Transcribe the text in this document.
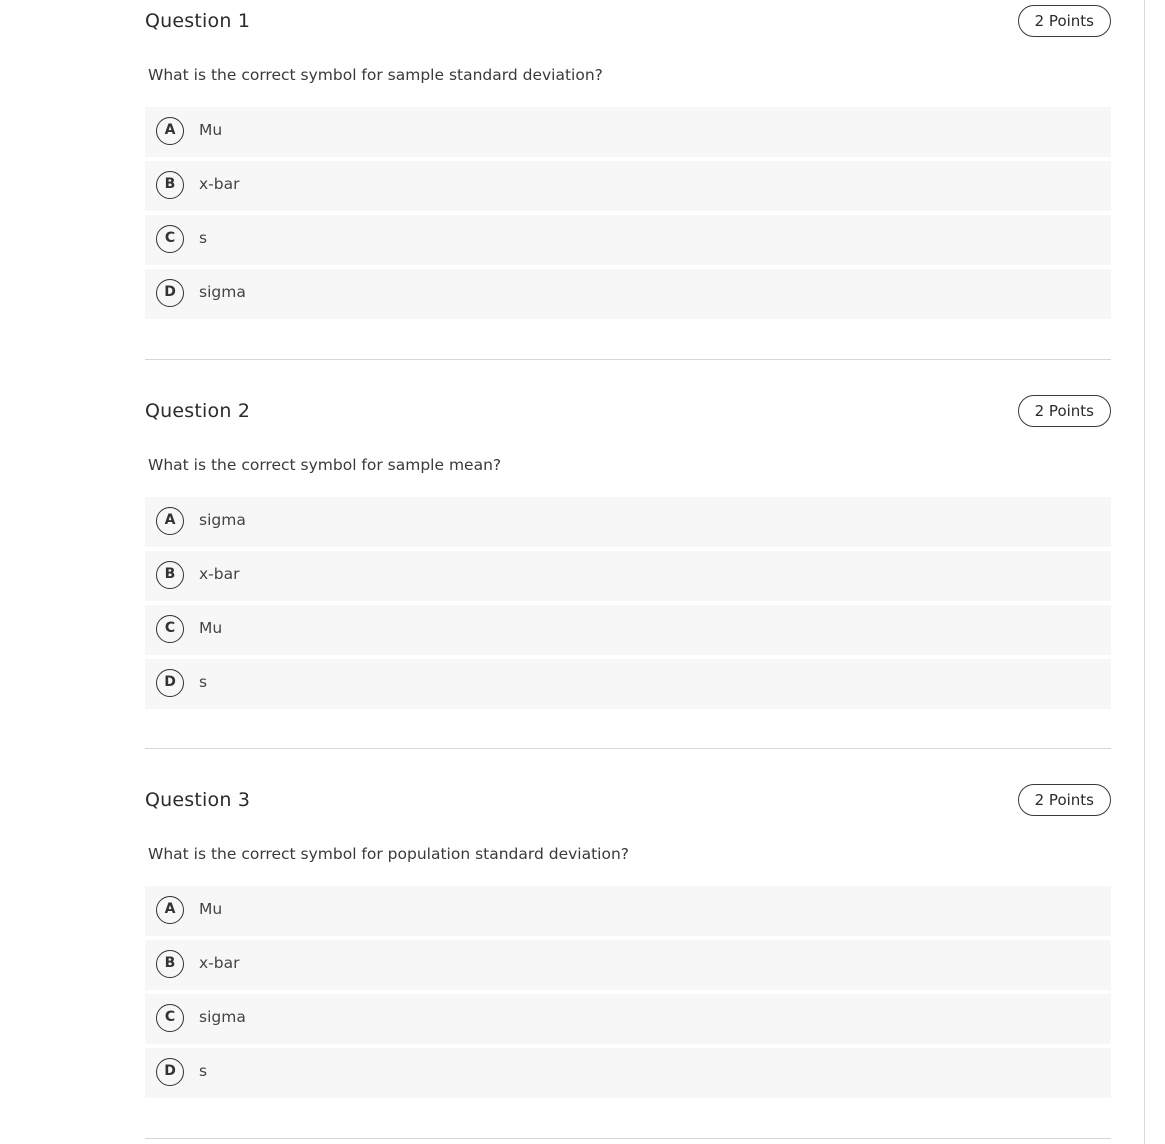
Question 1	2 Points
What is the correct symbol for sample standard deviation?
A	Mu
B	x-bar
C	s
D	sigma
Question 2	2 Points
What is the correct symbol for sample mean?
A	sigma
B	x-bar
C	Mu
D	s
Question 3	2 Points
What is the correct symbol for population standard deviation?
A	Mu
B	x-bar
C	sigma
D	s
